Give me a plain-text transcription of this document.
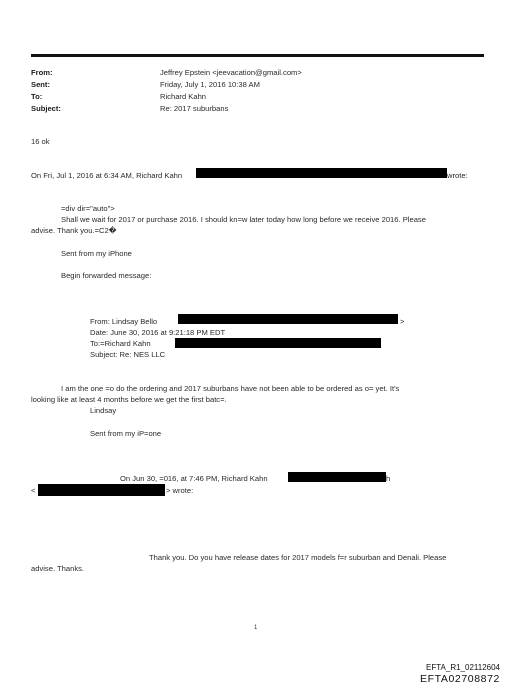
From:	Jeffrey Epstein <jeevacation@gmail.com>
Sent:	Friday, July 1, 2016 10:38 AM
To:	Richard Kahn
Subject:	Re: 2017 suburbans
16 ok
On Fri, Jul 1, 2016 at 6:34 AM, Richard Kahn	wrote:
=div dir="auto">
Shall we wait for 2017 or purchase 2016. I should kn=w later today how long before we receive 2016. Please
advise. Thank you.=C2�
Sent from my iPhone
Begin forwarded message:
From: Lindsay Bello	>
Date: June 30, 2016 at 9:21:18 PM EDT
To:=Richard Kahn
Subject: Re: NES LLC
I am the one =o do the ordering and 2017 suburbans have not been able to be ordered as o= yet. It's
looking like at least 4 months before we get the first batc=.
Lindsay
Sent from my iP=one
On Jun 30, =016, at 7:46 PM, Richard Kahn	h
<	> wrote:
Thank you. Do you have release dates for 2017 models f=r suburban and Denali. Please
advise. Thanks.
1
EFTA_R1_02112604
EFTA02708872
